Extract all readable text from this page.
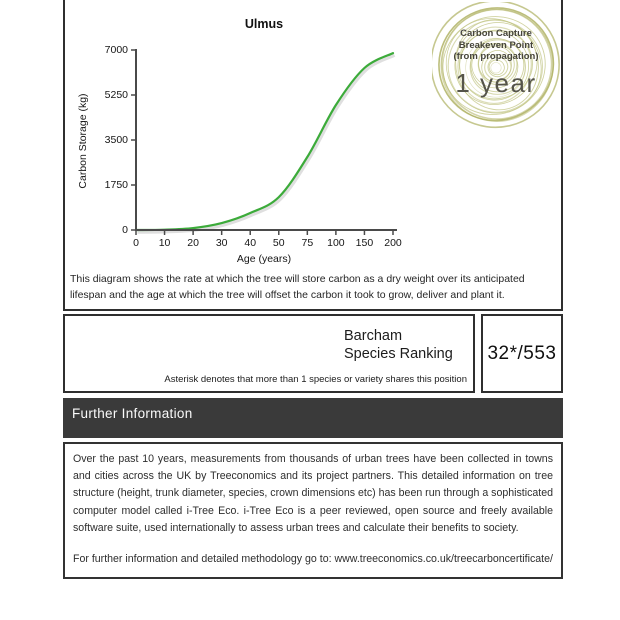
Ulmus
0
1750
3500
5250
7000
0	10	20	30	40	50	75	100	150	200
Carbon Storage (kg)
Age (years)
Carbon Capture
Breakeven Point
(from propagation)
1 year
This diagram shows the rate at which the tree will store carbon as a dry weight over its anticipated lifespan and the age at which the tree will offset the carbon it took to grow, deliver and plant it.
Barcham
Species Ranking
Asterisk denotes that more than 1 species or variety shares this position
32*/553
Further Information
Over the past 10 years, measurements from thousands of urban trees have been collected in towns and cities across the UK by Treeconomics and its project partners. This detailed information on tree structure (height, trunk diameter, species, crown dimensions etc) has been run through a sophisticated computer model called i-Tree Eco. i-Tree Eco is a peer reviewed, open source and freely available software suite, used internationally to assess urban trees and calculate their benefits to society.
For further information and detailed methodology go to: www.treeconomics.co.uk/treecarboncertificate/
